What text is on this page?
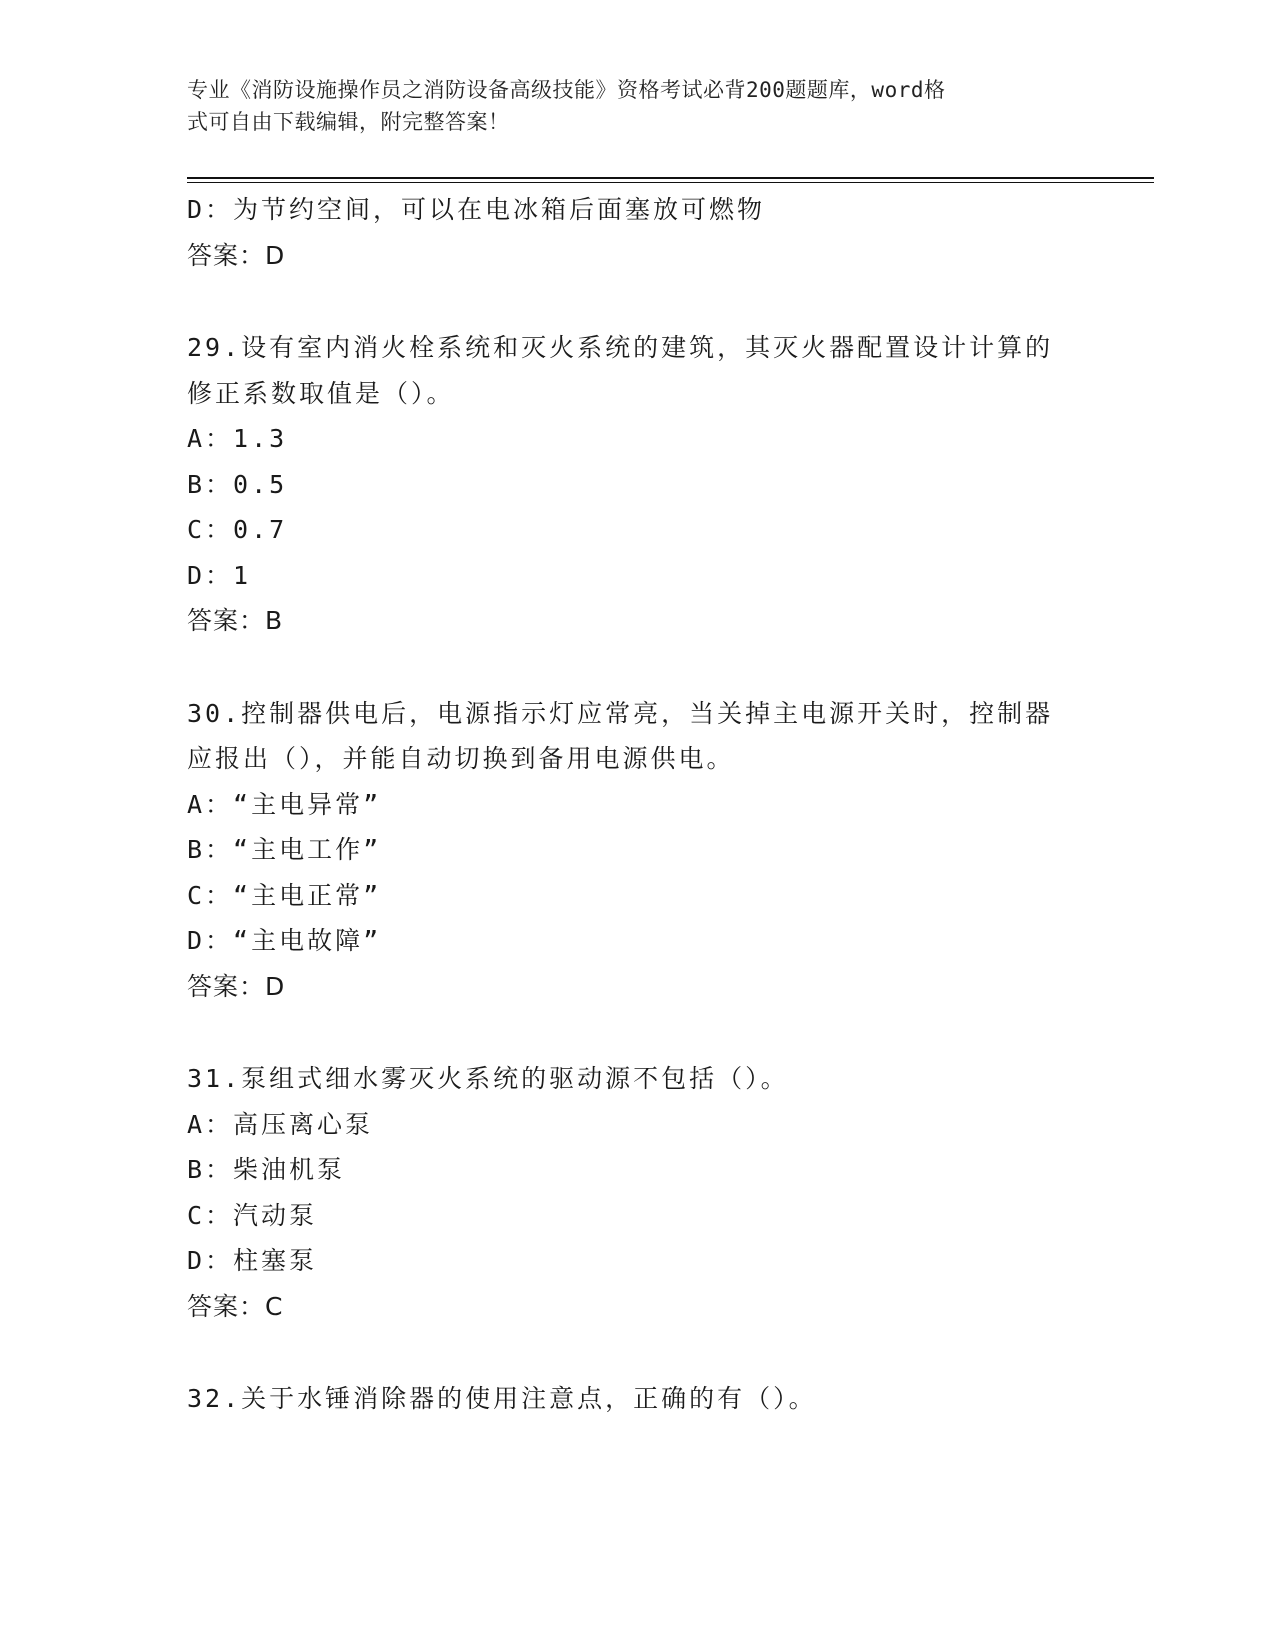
专业《消防设施操作员之消防设备高级技能》资格考试必背200题题库，word格
式可自由下载编辑，附完整答案！
D：为节约空间，可以在电冰箱后面塞放可燃物
答案：D
29.设有室内消火栓系统和灭火系统的建筑，其灭火器配置设计计算的
修正系数取值是（）。
A：1.3
B：0.5
C：0.7
D：1
答案：B
30.控制器供电后，电源指示灯应常亮，当关掉主电源开关时，控制器
应报出（），并能自动切换到备用电源供电。
A：“主电异常”
B：“主电工作”
C：“主电正常”
D：“主电故障”
答案：D
31.泵组式细水雾灭火系统的驱动源不包括（）。
A：高压离心泵
B：柴油机泵
C：汽动泵
D：柱塞泵
答案：C
32.关于水锤消除器的使用注意点，正确的有（）。
